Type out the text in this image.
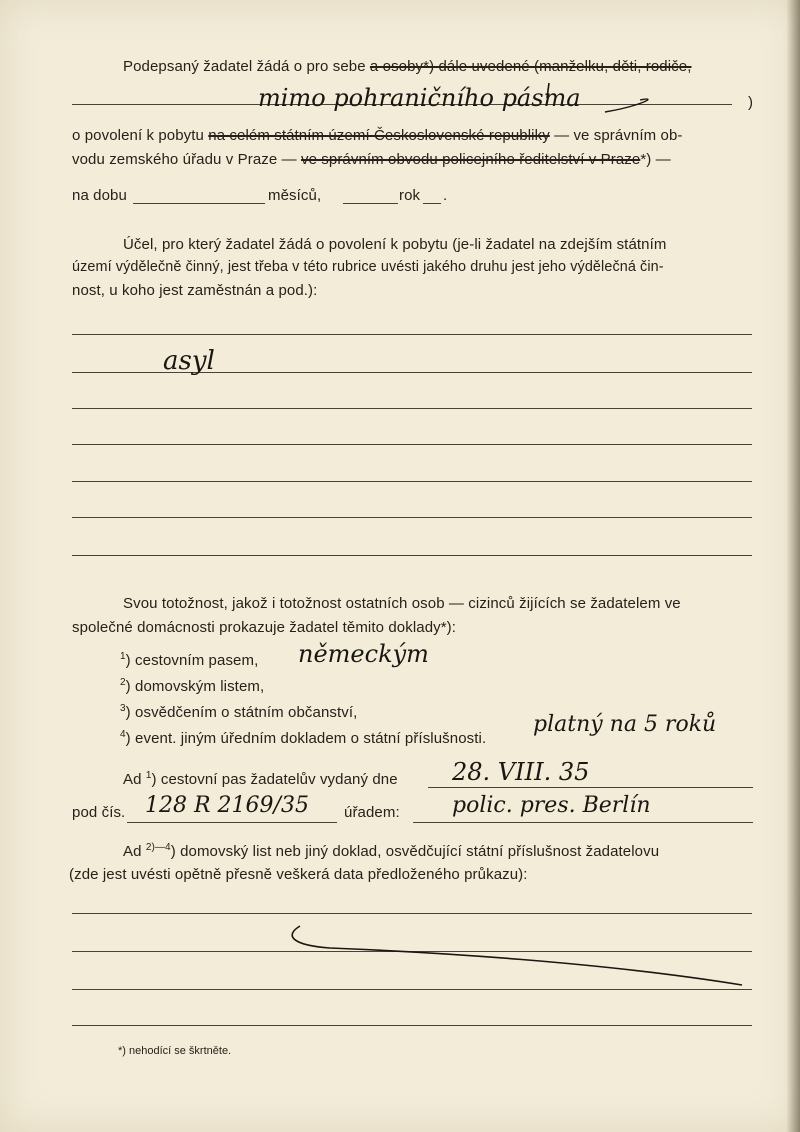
Podepsaný žadatel žádá o pro sebe a osoby*) dále uvedené (manželku, děti, rodiče,
mimo pohraničního pásma	)
o povolení k pobytu na celém státním území Československé republiky — ve správním ob-
vodu zemského úřadu v Praze — ve správním obvodu policejního ředitelství v Praze*) —
na dobu	měsíců,	rok .
Účel, pro který žadatel žádá o povolení k pobytu (je-li žadatel na zdejším státním
území výdělečně činný, jest třeba v této rubrice uvésti jakého druhu jest jeho výdělečná čin-
nost, u koho jest zaměstnán a pod.):
asyl
Svou totožnost, jakož i totožnost ostatních osob — cizinců žijících se žadatelem ve
společné domácnosti prokazuje žadatel těmito doklady*):
$^1$) cestovním pasem, německým
$^2$) domovským listem,
$^3$) osvědčením o státním občanství,
$^4$) event. jiným úředním dokladem o státní příslušnosti.
platný na 5 roků
Ad $^1$) cestovní pas žadatelův vydaný dne 28. VIII. 35
pod čís. 128 R 2169/35 úřadem: polic. pres. Berlín
Ad $^{2)—4}$) domovský list neb jiný doklad, osvědčující státní příslušnost žadatelovu
(zde jest uvésti opětně přesně veškerá data předloženého průkazu):
*) nehodící se škrtněte.
